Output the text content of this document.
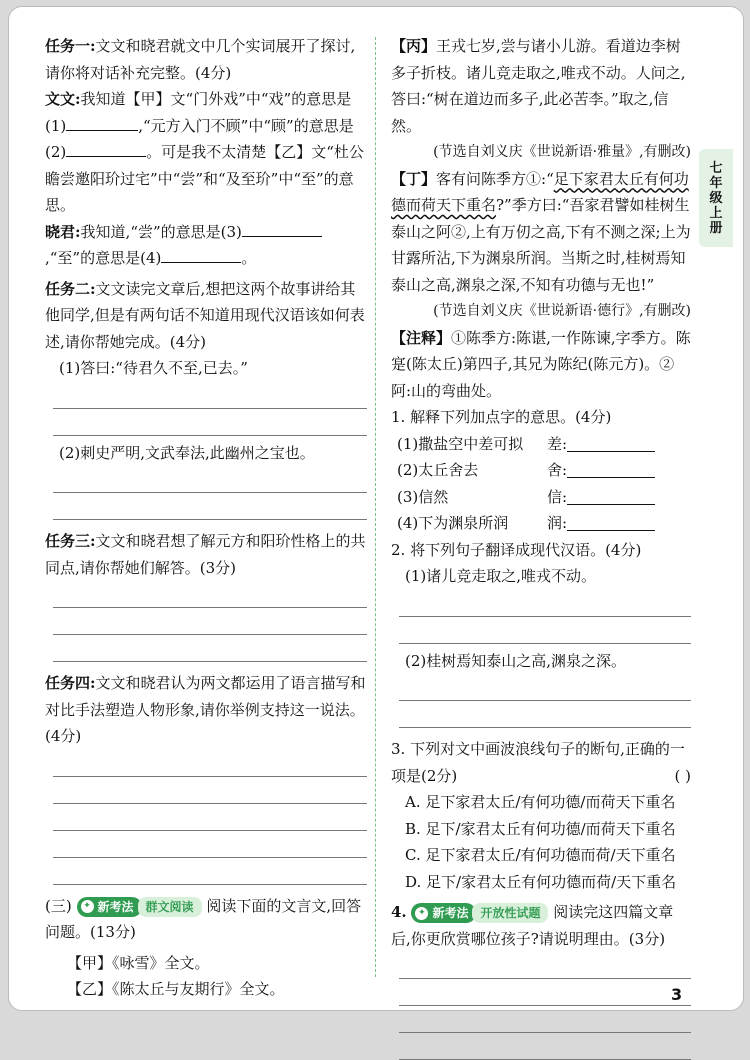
任务一:文文和晓君就文中几个实词展开了探讨,请你将对话补充完整。(4分)

文文:我知道【甲】文“门外戏”中“戏”的意思是(1)	,“元方入门不顾”中“顾”的意思是(2)	。可是我不太清楚【乙】文“杜公瞻尝邀阳玠过宅”中“尝”和“及至玠”中“至”的意思。

晓君:我知道,“尝”的意思是(3),“至”的意思是(4)	。

任务二:文文读完文章后,想把这两个故事讲给其他同学,但是有两句话不知道用现代汉语该如何表述,请你帮她完成。(4分)

(1)答曰:“待君久不至,已去。”

(2)刺史严明,文武奉法,此幽州之宝也。

任务三:文文和晓君想了解元方和阳玠性格上的共同点,请你帮她们解答。(3分)

任务四:文文和晓君认为两文都运用了语言描写和对比手法塑造人物形象,请你举例支持这一说法。(4分)

(三)	✦ 新考法 群文阅读 阅读下面的文言文,回答问题。(13分)

【甲】《咏雪》全文。

【乙】《陈太丘与友期行》全文。

【丙】王戎七岁,尝与诸小儿游。看道边李树多子折枝。诸儿竞走取之,唯戎不动。人问之,答曰:“树在道边而多子,此必苦李。”取之,信然。

(节选自刘义庆《世说新语·雅量》,有删改)

【丁】客有问陈季方①:“足下家君太丘有何功德而荷天下重名?”季方曰:“吾家君譬如桂树生泰山之阿②,上有万仞之高,下有不测之深;上为甘露所沾,下为渊泉所润。当斯之时,桂树焉知泰山之高,渊泉之深,不知有功德与无也!”

(节选自刘义庆《世说新语·德行》,有删改)

【注释】①陈季方:陈谌,一作陈谏,字季方。陈寔(陈太丘)第四子,其兄为陈纪(陈元方)。②阿:山的弯曲处。

1. 解释下列加点字的意思。(4分)

(1)撒盐空中差可拟	差:
(2)太丘舍去	舍:
(3)信然	信:
(4)下为渊泉所润	润:

2. 将下列句子翻译成现代汉语。(4分)

(1)诸儿竞走取之,唯戎不动。

(2)桂树焉知泰山之高,渊泉之深。

3. 下列对文中画波浪线句子的断句,正确的一项是(2分)	( )

A. 足下家君太丘/有何功德/而荷天下重名

B. 足下/家君太丘有何功德/而荷天下重名

C. 足下家君太丘/有何功德而荷/天下重名

D. 足下/家君太丘有何功德而荷/天下重名

4.	✦ 新考法 开放性试题 阅读完这四篇文章后,你更欣赏哪位孩子?请说明理由。(3分)

七
年
级
上
册
3
